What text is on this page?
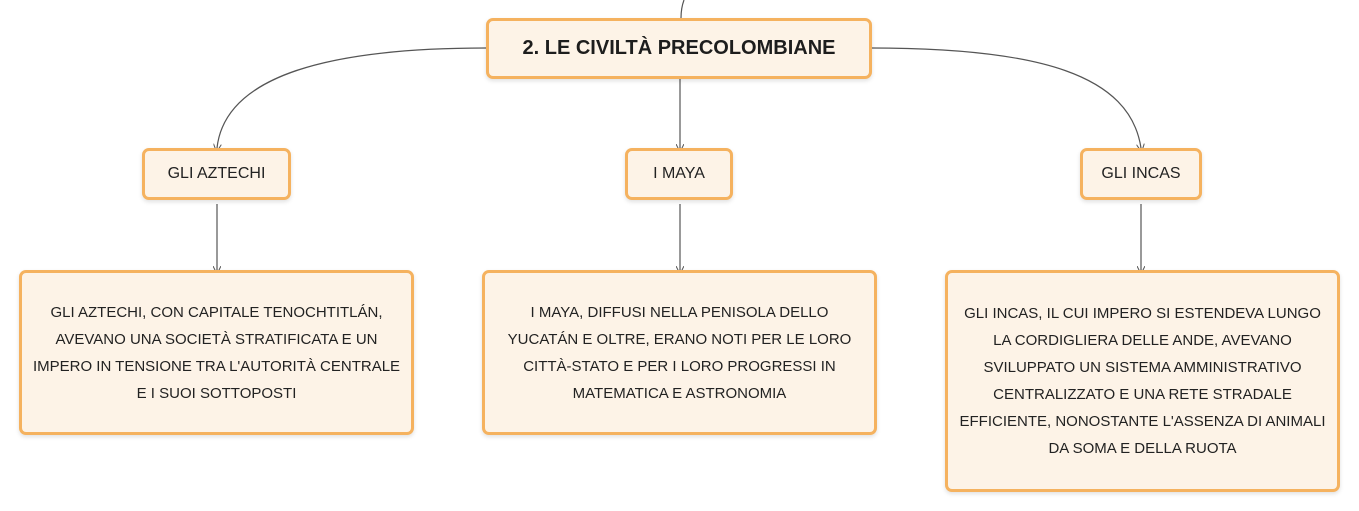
2. LE CIVILTÀ PRECOLOMBIANE
GLI AZTECHI	I MAYA	GLI INCAS
GLI AZTECHI, CON CAPITALE TENOCHTITLÁN, AVEVANO UNA SOCIETÀ STRATIFICATA E UN IMPERO IN TENSIONE TRA L'AUTORITÀ CENTRALE E I SUOI SOTTOPOSTI
I MAYA, DIFFUSI NELLA PENISOLA DELLO YUCATÁN E OLTRE, ERANO NOTI PER LE LORO CITTÀ-STATO E PER I LORO PROGRESSI IN MATEMATICA E ASTRONOMIA
GLI INCAS, IL CUI IMPERO SI ESTENDEVA LUNGO LA CORDIGLIERA DELLE ANDE, AVEVANO SVILUPPATO UN SISTEMA AMMINISTRATIVO CENTRALIZZATO E UNA RETE STRADALE EFFICIENTE, NONOSTANTE L'ASSENZA DI ANIMALI DA SOMA E DELLA RUOTA
